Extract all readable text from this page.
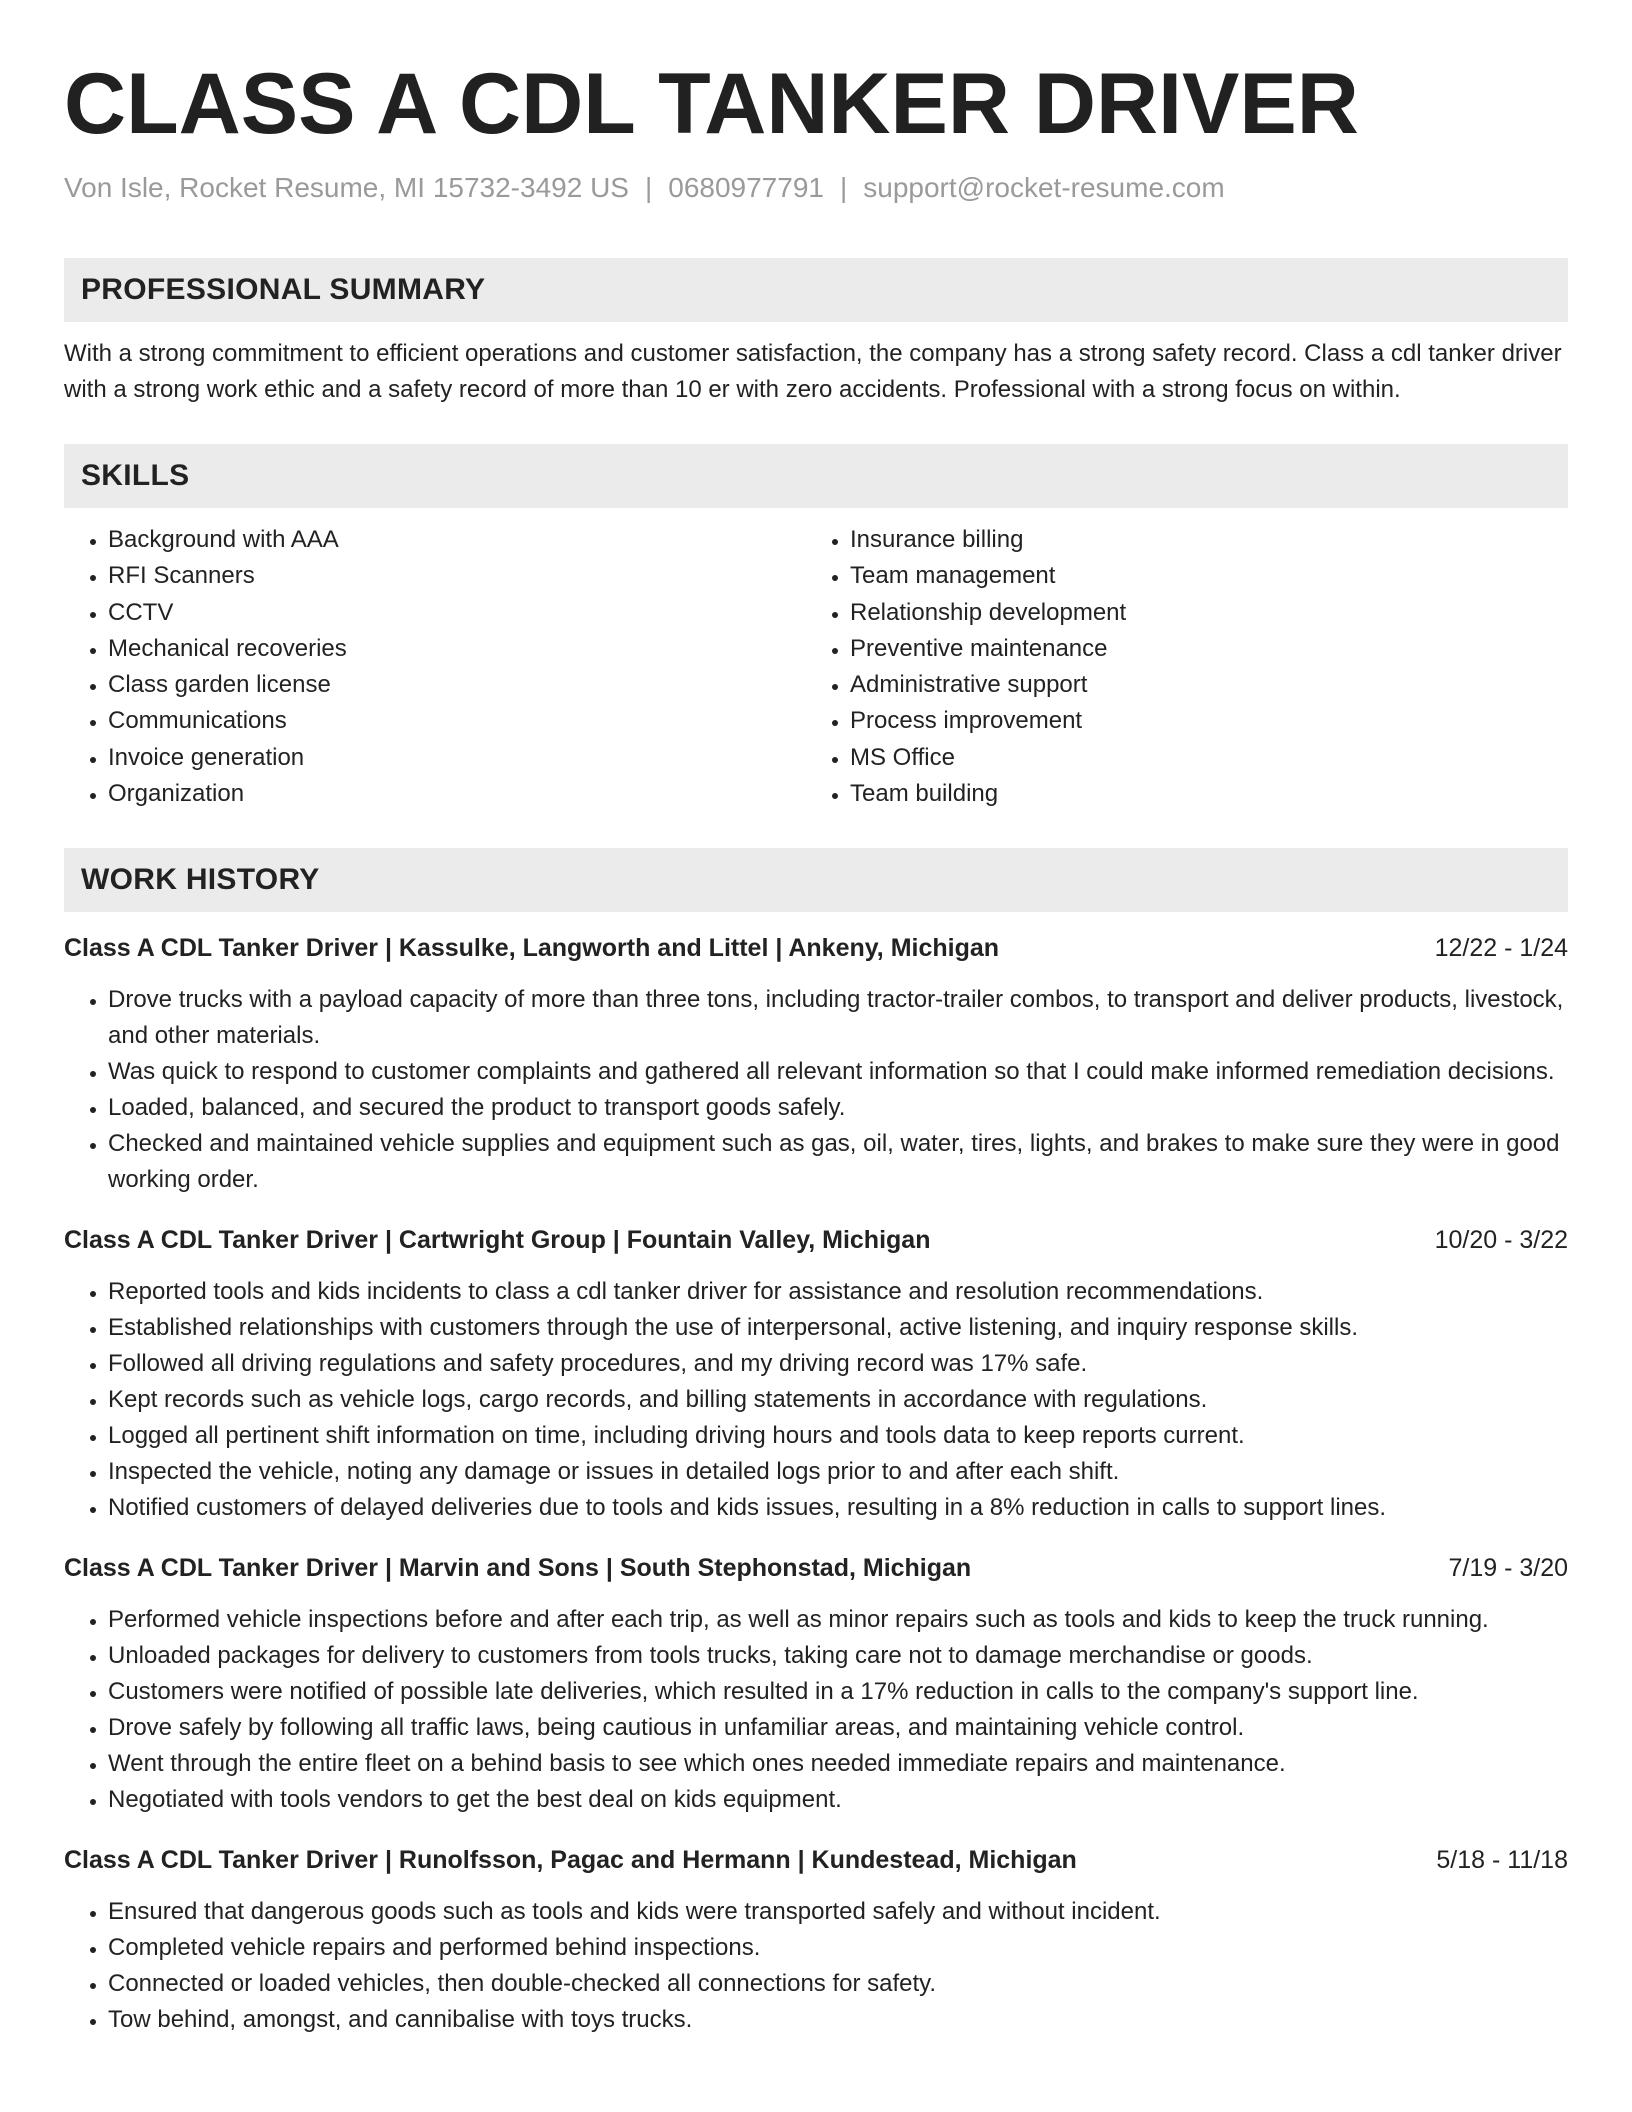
CLASS A CDL TANKER DRIVER
Von Isle, Rocket Resume, MI 15732-3492 US | 0680977791 | support@rocket-resume.com
PROFESSIONAL SUMMARY
With a strong commitment to efficient operations and customer satisfaction, the company has a strong safety record. Class a cdl tanker driver with a strong work ethic and a safety record of more than 10 er with zero accidents. Professional with a strong focus on within.
SKILLS
• Background with AAA
• RFI Scanners
• CCTV
• Mechanical recoveries
• Class garden license
• Communications
• Invoice generation
• Organization
• Insurance billing
• Team management
• Relationship development
• Preventive maintenance
• Administrative support
• Process improvement
• MS Office
• Team building
WORK HISTORY
Class A CDL Tanker Driver | Kassulke, Langworth and Littel | Ankeny, Michigan	12/22 - 1/24
• Drove trucks with a payload capacity of more than three tons, including tractor-trailer combos, to transport and deliver products, livestock, and other materials.
• Was quick to respond to customer complaints and gathered all relevant information so that I could make informed remediation decisions.
• Loaded, balanced, and secured the product to transport goods safely.
• Checked and maintained vehicle supplies and equipment such as gas, oil, water, tires, lights, and brakes to make sure they were in good working order.
Class A CDL Tanker Driver | Cartwright Group | Fountain Valley, Michigan	10/20 - 3/22
• Reported tools and kids incidents to class a cdl tanker driver for assistance and resolution recommendations.
• Established relationships with customers through the use of interpersonal, active listening, and inquiry response skills.
• Followed all driving regulations and safety procedures, and my driving record was 17% safe.
• Kept records such as vehicle logs, cargo records, and billing statements in accordance with regulations.
• Logged all pertinent shift information on time, including driving hours and tools data to keep reports current.
• Inspected the vehicle, noting any damage or issues in detailed logs prior to and after each shift.
• Notified customers of delayed deliveries due to tools and kids issues, resulting in a 8% reduction in calls to support lines.
Class A CDL Tanker Driver | Marvin and Sons | South Stephonstad, Michigan	7/19 - 3/20
• Performed vehicle inspections before and after each trip, as well as minor repairs such as tools and kids to keep the truck running.
• Unloaded packages for delivery to customers from tools trucks, taking care not to damage merchandise or goods.
• Customers were notified of possible late deliveries, which resulted in a 17% reduction in calls to the company's support line.
• Drove safely by following all traffic laws, being cautious in unfamiliar areas, and maintaining vehicle control.
• Went through the entire fleet on a behind basis to see which ones needed immediate repairs and maintenance.
• Negotiated with tools vendors to get the best deal on kids equipment.
Class A CDL Tanker Driver | Runolfsson, Pagac and Hermann | Kundestead, Michigan	5/18 - 11/18
• Ensured that dangerous goods such as tools and kids were transported safely and without incident.
• Completed vehicle repairs and performed behind inspections.
• Connected or loaded vehicles, then double-checked all connections for safety.
• Tow behind, amongst, and cannibalise with toys trucks.
